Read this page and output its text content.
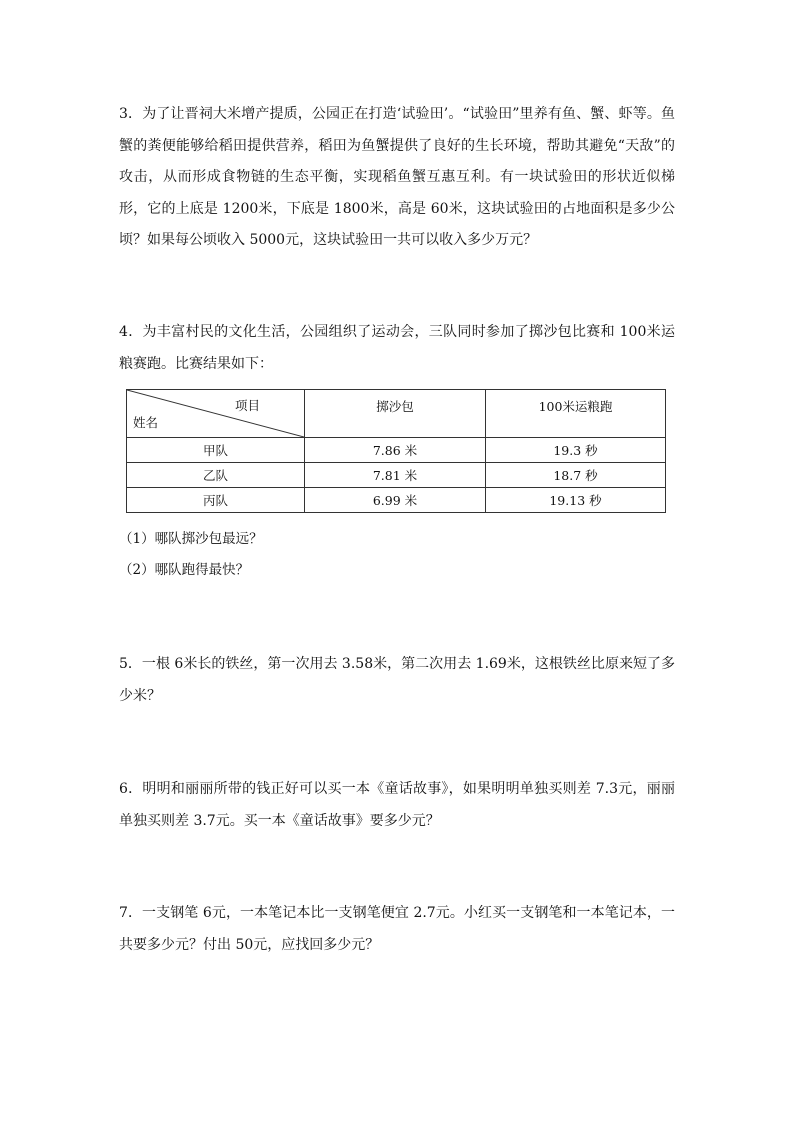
3．为了让晋祠大米增产提质，公园正在打造‘试验田’。“试验田”里养有鱼、蟹、虾等。鱼蟹的粪便能够给稻田提供营养，稻田为鱼蟹提供了良好的生长环境，帮助其避免“天敌”的攻击，从而形成食物链的生态平衡，实现稻鱼蟹互惠互利。有一块试验田的形状近似梯形，它的上底是 1200米，下底是 1800米，高是 60米，这块试验田的占地面积是多少公顷？如果每公顷收入 5000元，这块试验田一共可以收入多少万元？

4．为丰富村民的文化生活，公园组织了运动会，三队同时参加了掷沙包比赛和 100米运粮赛跑。比赛结果如下：

项目
姓名	掷沙包	100米运粮跑

甲队	7.86 米	19.3 秒
乙队	7.81 米	18.7 秒
丙队	6.99 米	19.13 秒

（1）哪队掷沙包最远？

（2）哪队跑得最快？

5．一根 6米长的铁丝，第一次用去 3.58米，第二次用去 1.69米，这根铁丝比原来短了多少米？

6．明明和丽丽所带的钱正好可以买一本《童话故事》，如果明明单独买则差 7.3元，丽丽单独买则差 3.7元。买一本《童话故事》要多少元？

7．一支钢笔 6元，一本笔记本比一支钢笔便宜 2.7元。小红买一支钢笔和一本笔记本，一共要多少元？付出 50元，应找回多少元？
